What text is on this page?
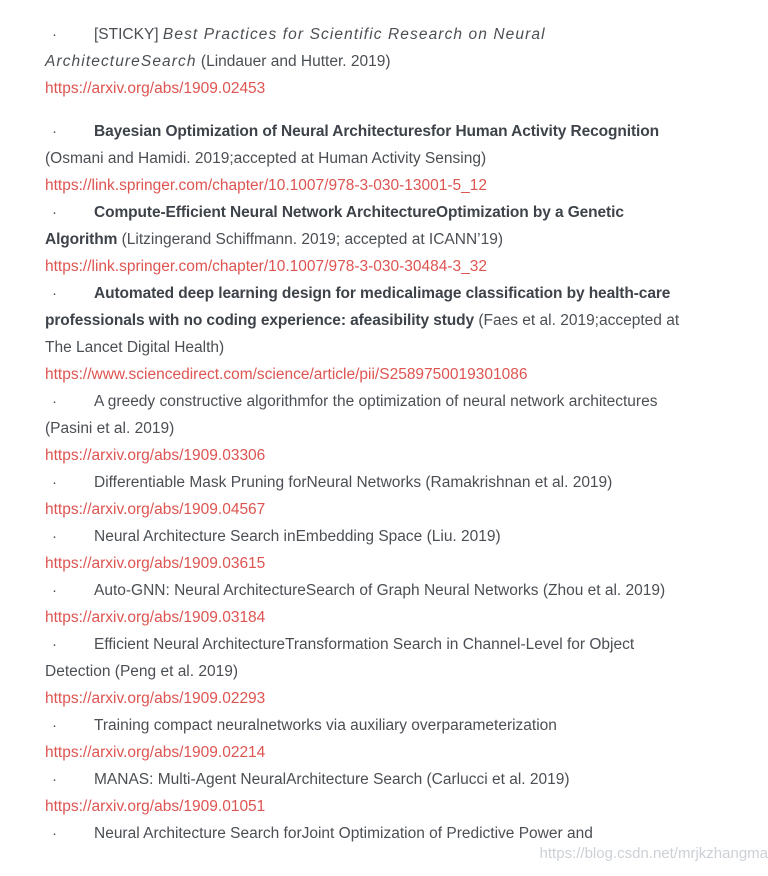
· [STICKY] Best Practices for Scientific Research on Neural ArchitectureSearch (Lindauer and Hutter. 2019)

https://arxiv.org/abs/1909.02453

· Bayesian Optimization of Neural Architecturesfor Human Activity Recognition (Osmani and Hamidi. 2019;accepted at Human Activity Sensing)

https://link.springer.com/chapter/10.1007/978-3-030-13001-5_12

· Compute-Efficient Neural Network ArchitectureOptimization by a Genetic Algorithm (Litzingerand Schiffmann. 2019; accepted at ICANN’19)

https://link.springer.com/chapter/10.1007/978-3-030-30484-3_32

· Automated deep learning design for medicalimage classification by health-care professionals with no coding experience: afeasibility study (Faes et al. 2019;accepted at The Lancet Digital Health)

https://www.sciencedirect.com/science/article/pii/S2589750019301086

· A greedy constructive algorithmfor the optimization of neural network architectures (Pasini et al. 2019)

https://arxiv.org/abs/1909.03306

· Differentiable Mask Pruning forNeural Networks (Ramakrishnan et al. 2019)

https://arxiv.org/abs/1909.04567

· Neural Architecture Search inEmbedding Space (Liu. 2019)

https://arxiv.org/abs/1909.03615

· Auto-GNN: Neural ArchitectureSearch of Graph Neural Networks (Zhou et al. 2019)

https://arxiv.org/abs/1909.03184

· Efficient Neural ArchitectureTransformation Search in Channel-Level for Object Detection (Peng et al. 2019)

https://arxiv.org/abs/1909.02293

· Training compact neuralnetworks via auxiliary overparameterization

https://arxiv.org/abs/1909.02214

· MANAS: Multi-Agent NeuralArchitecture Search (Carlucci et al. 2019)

https://arxiv.org/abs/1909.01051

· Neural Architecture Search forJoint Optimization of Predictive Power and

https://blog.csdn.net/mrjkzhangma
